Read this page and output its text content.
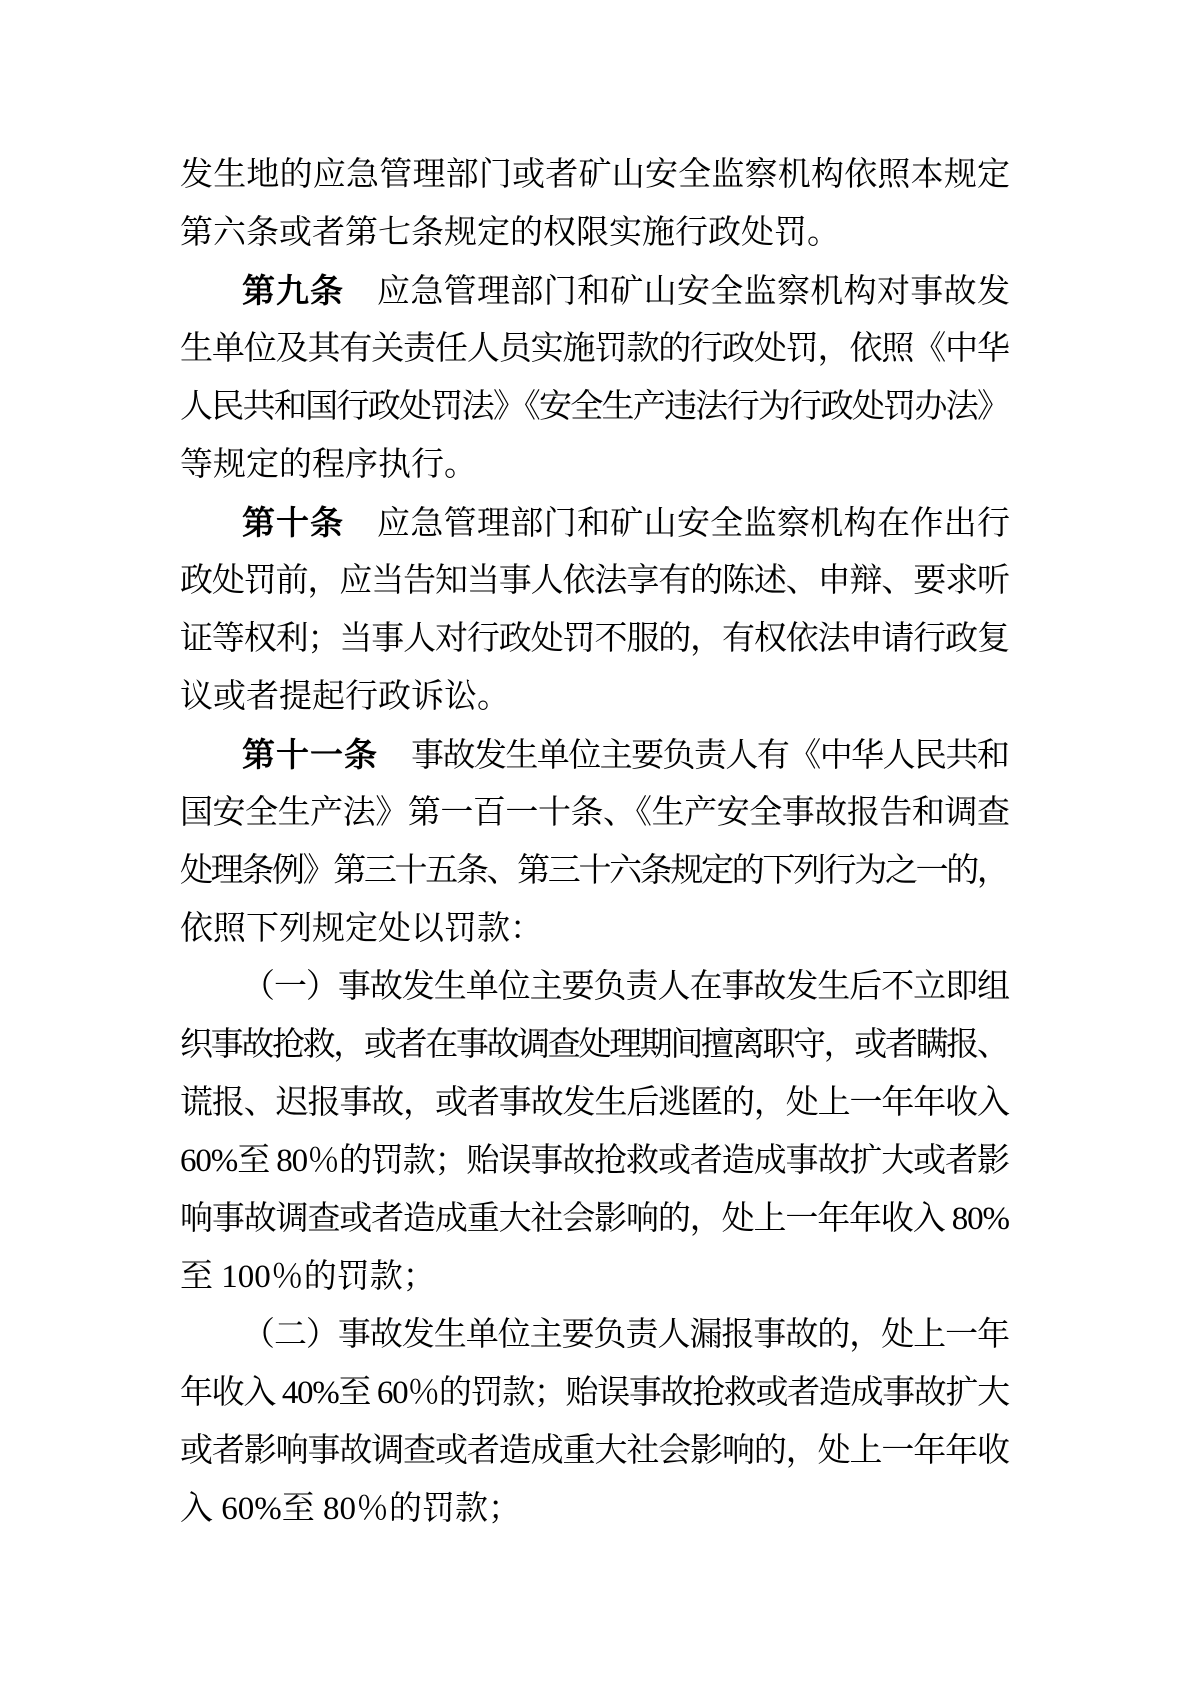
发生地的应急管理部门或者矿山安全监察机构依照本规定
第六条或者第七条规定的权限实施行政处罚。
第九条 应急管理部门和矿山安全监察机构对事故发
生单位及其有关责任人员实施罚款的行政处罚，依照《中华
人民共和国行政处罚法》《安全生产违法行为行政处罚办法》
等规定的程序执行。
第十条 应急管理部门和矿山安全监察机构在作出行
政处罚前，应当告知当事人依法享有的陈述、申辩、要求听
证等权利；当事人对行政处罚不服的，有权依法申请行政复
议或者提起行政诉讼。
第十一条 事故发生单位主要负责人有《中华人民共和
国安全生产法》第一百一十条、《生产安全事故报告和调查
处理条例》第三十五条、第三十六条规定的下列行为之一的，
依照下列规定处以罚款：
（一）事故发生单位主要负责人在事故发生后不立即组
织事故抢救，或者在事故调查处理期间擅离职守，或者瞒报、
谎报、迟报事故，或者事故发生后逃匿的，处上一年年收入
60%至 80％的罚款；贻误事故抢救或者造成事故扩大或者影
响事故调查或者造成重大社会影响的，处上一年年收入 80%
至 100％的罚款；
（二）事故发生单位主要负责人漏报事故的，处上一年
年收入 40%至 60％的罚款；贻误事故抢救或者造成事故扩大
或者影响事故调查或者造成重大社会影响的，处上一年年收
入 60%至 80％的罚款；
